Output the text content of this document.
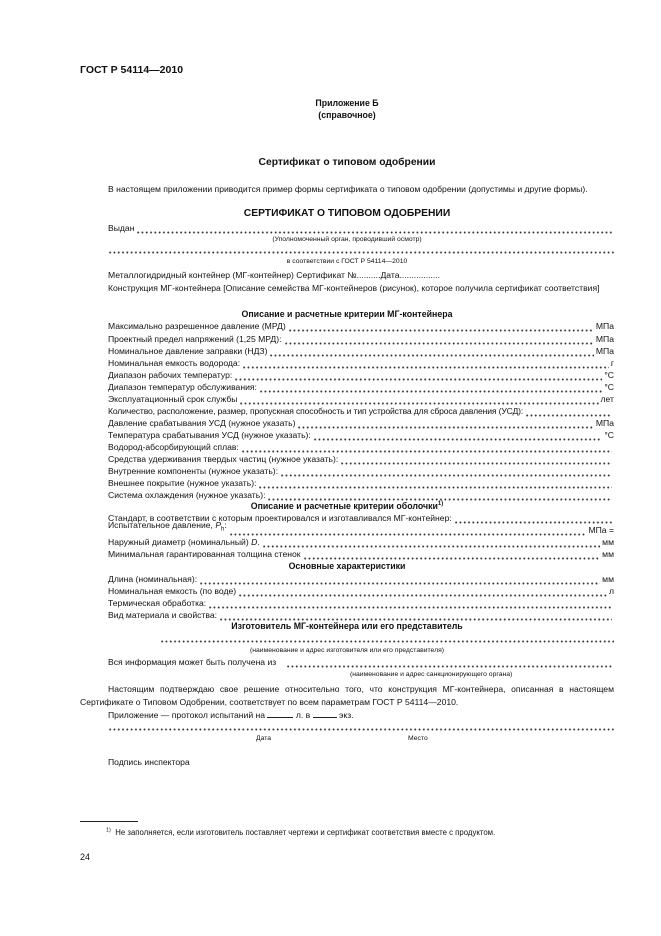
ГОСТ Р 54114—2010
Приложение Б
(справочное)
Сертификат о типовом одобрении
В настоящем приложении приводится пример формы сертификата о типовом одобрении (допустимы и другие формы).
СЕРТИФИКАТ О ТИПОВОМ ОДОБРЕНИИ
Выдан
(Уполномоченный орган, проводивший осмотр)
в соответствии с ГОСТ Р 54114—2010
Металлогидридный контейнер (МГ-контейнер) Сертификат №..........Дата.................
Конструкция МГ-контейнера [Описание семейства МГ-контейнеров (рисунок), которое получила сертификат соответствия]
Описание и расчетные критерии МГ-контейнера
Максимально разрешенное давление (МРД)	МПа
Проектный предел напряжений (1,25 МРД):	МПа
Номинальное давление заправки (НДЗ)	МПа
Номинальная емкость водорода:	г
Диапазон рабочих температур:	°С
Диапазон температур обслуживания:	°С
Эксплуатационный срок службы	лет
Количество, расположение, размер, пропускная способность и тип устройства для сброса давления (УСД):
Давление срабатывания УСД (нужное указать)	МПа
Температура срабатывания УСД (нужное указать):	°С
Водород-абсорбирующий сплав:
Средства удерживания твердых частиц (нужное указать):
Внутренние компоненты (нужное указать):
Внешнее покрытие (нужное указать):
Система охлаждения (нужное указать):
Описание и расчетные критерии оболочки$^{1)}$
Стандарт, в соответствии с которым проектировался и изготавливался МГ-контейнер:
Испытательное давление, $P_h$:	МПа =
Наружный диаметр (номинальный) D.	мм
Минимальная гарантированная толщина стенок	мм
Основные характеристики
Длина (номинальная):	мм
Номинальная емкость (по воде)	л
Термическая обработка:
Вид материала и свойства:
Изготовитель МГ-контейнера или его представитель
(наименование и адрес изготовителя или его представителя)
Вся информация может быть получена из
(наименование и адрес санкционирующего органа)
Настоящим подтверждаю свое решение относительно того, что конструкция МГ-контейнера, описанная в настоящем Сертификате о Типовом Одобрении, соответствует по всем параметрам ГОСТ Р 54114—2010.
Приложение — протокол испытаний на	л. в	экз.
Дата	Место
Подпись инспектора
$^{1)}$ Не заполняется, если изготовитель поставляет чертежи и сертификат соответствия вместе с продуктом.
24
